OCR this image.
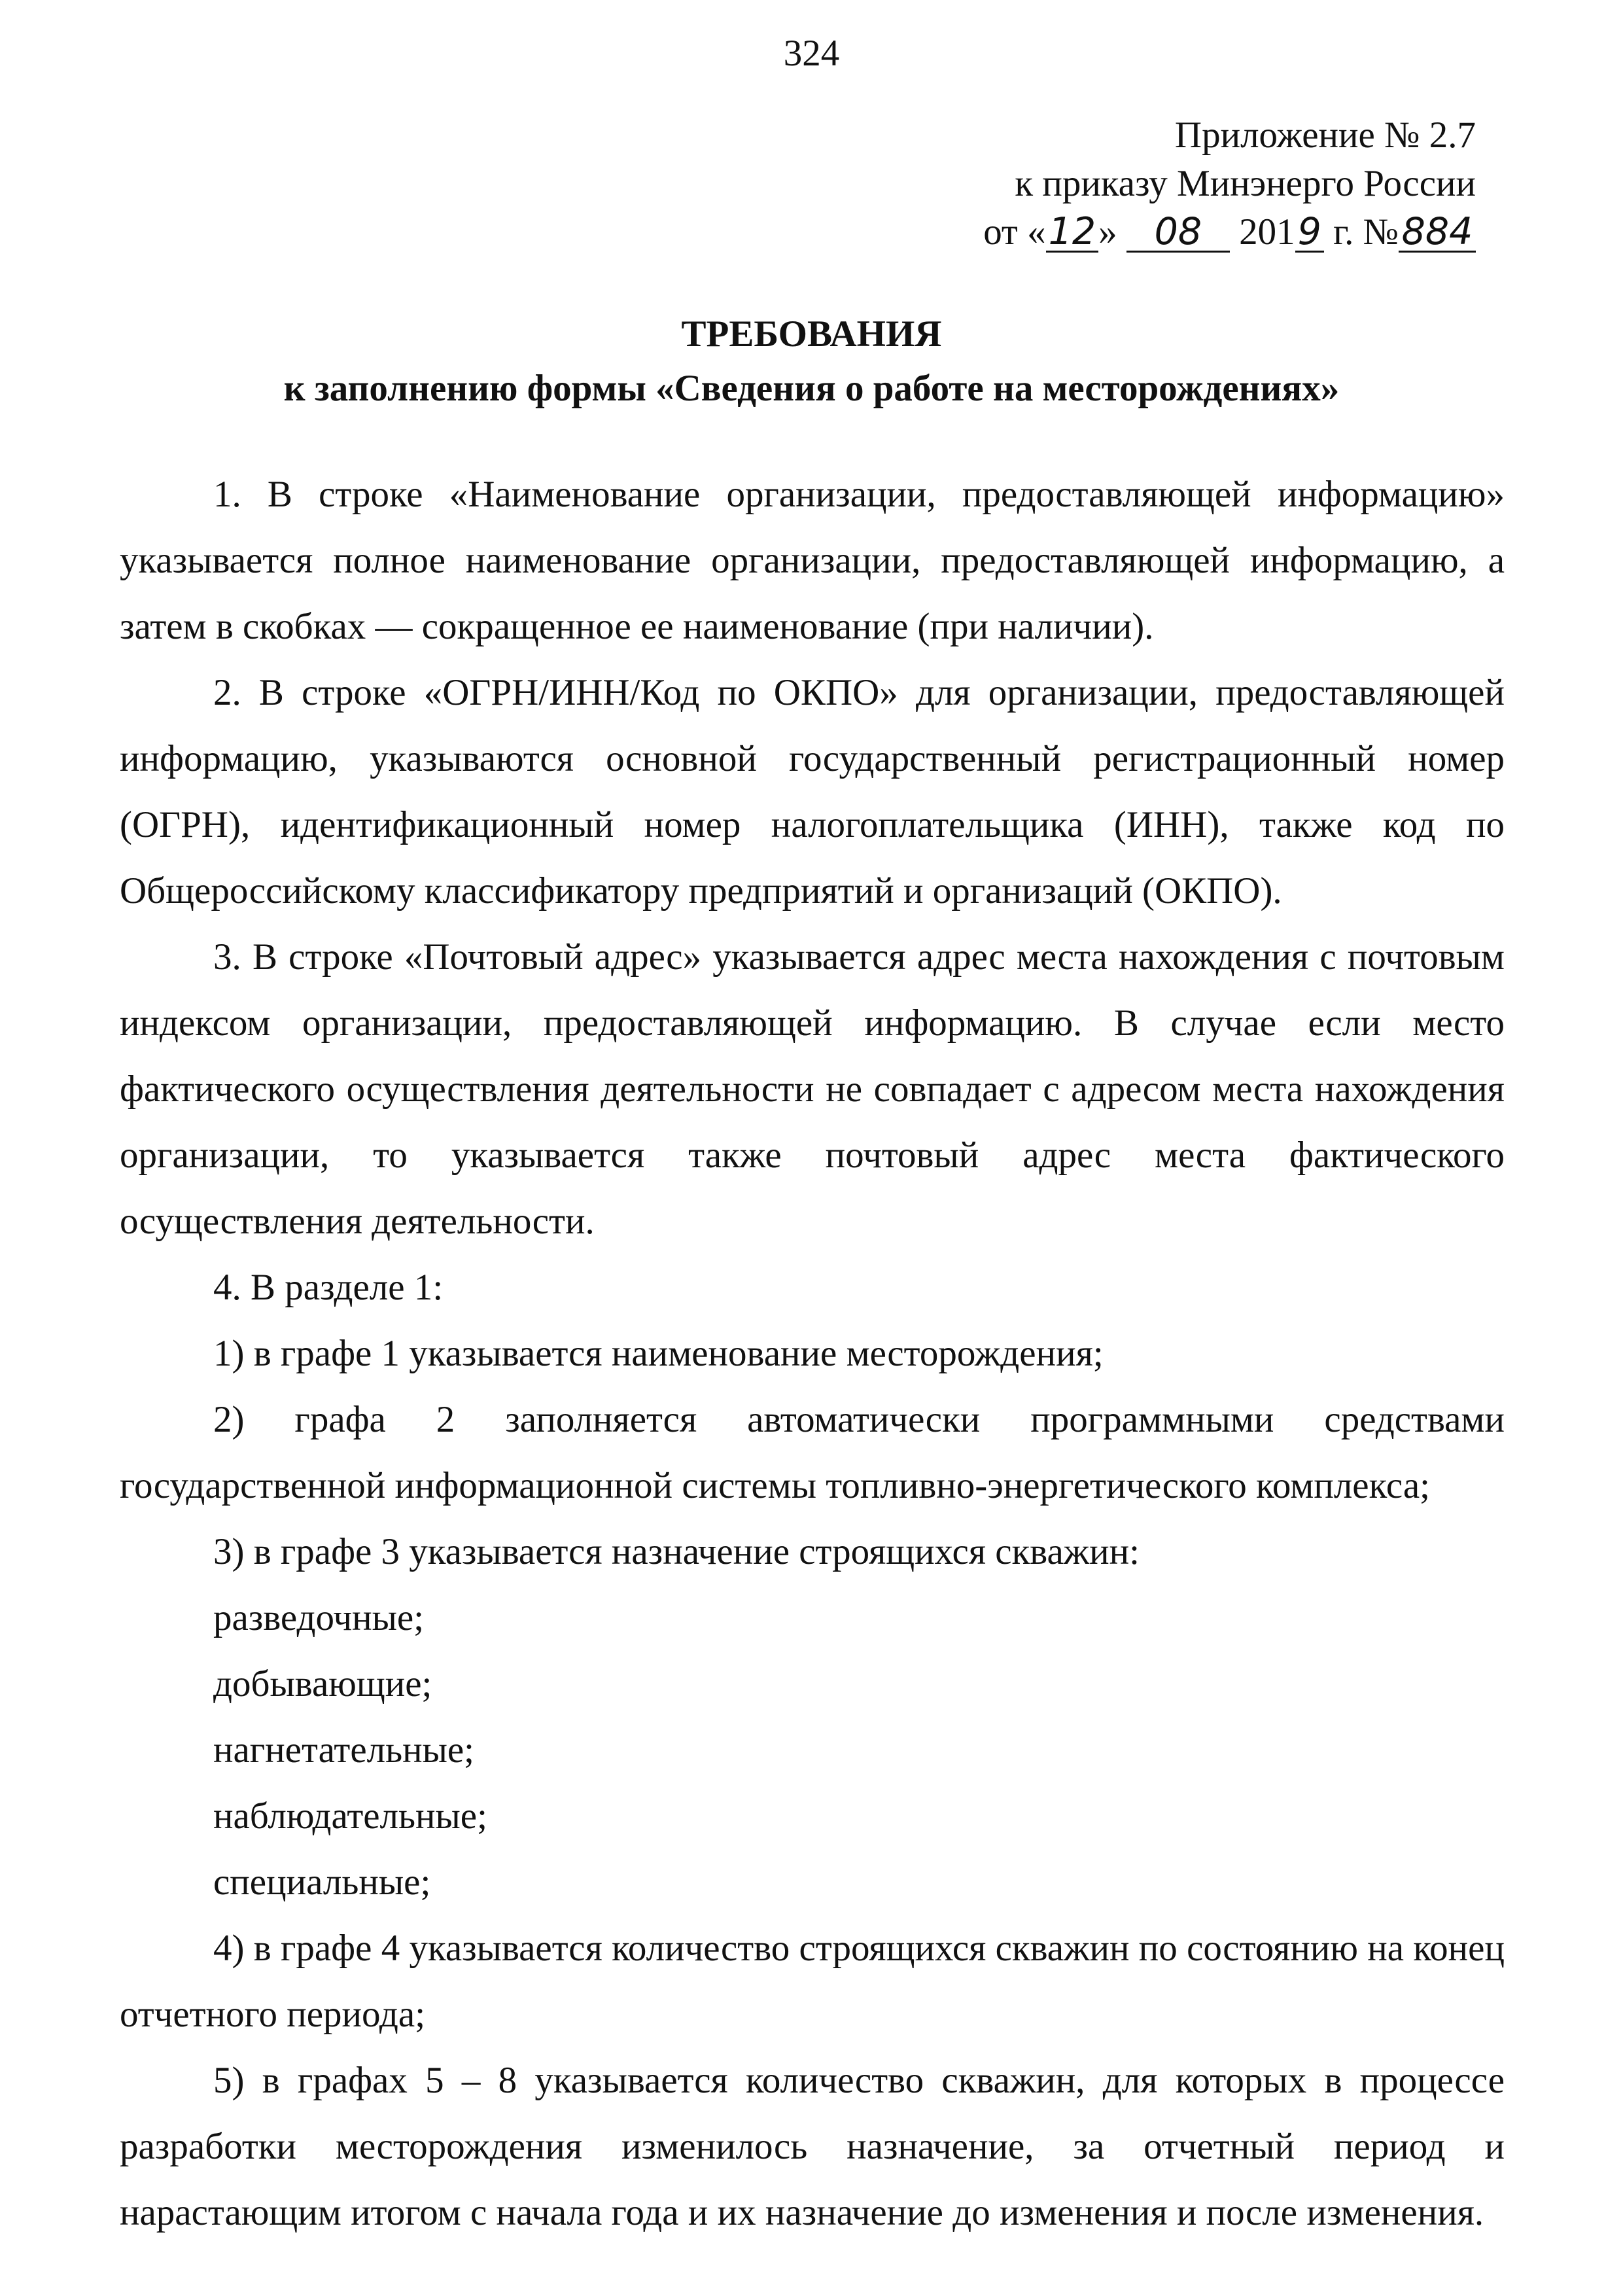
324
Приложение № 2.7
к приказу Минэнерго России
от «12» 08 2019 г. №884
ТРЕБОВАНИЯ
к заполнению формы «Сведения о работе на месторождениях»

1. В строке «Наименование организации, предоставляющей информацию» указывается полное наименование организации, предоставляющей информацию, а затем в скобках — сокращенное ее наименование (при наличии).

2. В строке «ОГРН/ИНН/Код по ОКПО» для организации, предоставляющей информацию, указываются основной государственный регистрационный номер (ОГРН), идентификационный номер налогоплательщика (ИНН), также код по Общероссийскому классификатору предприятий и организаций (ОКПО).

3. В строке «Почтовый адрес» указывается адрес места нахождения с почтовым индексом организации, предоставляющей информацию. В случае если место фактического осуществления деятельности не совпадает с адресом места нахождения организации, то указывается также почтовый адрес места фактического осуществления деятельности.

4. В разделе 1:

1) в графе 1 указывается наименование месторождения;

2) графа 2 заполняется автоматически программными средствами государственной информационной системы топливно-энергетического комплекса;

3) в графе 3 указывается назначение строящихся скважин:

разведочные;

добывающие;

нагнетательные;

наблюдательные;

специальные;

4) в графе 4 указывается количество строящихся скважин по состоянию на конец отчетного периода;

5) в графах 5 – 8 указывается количество скважин, для которых в процессе разработки месторождения изменилось назначение, за отчетный период и нарастающим итогом с начала года и их назначение до изменения и после изменения.
